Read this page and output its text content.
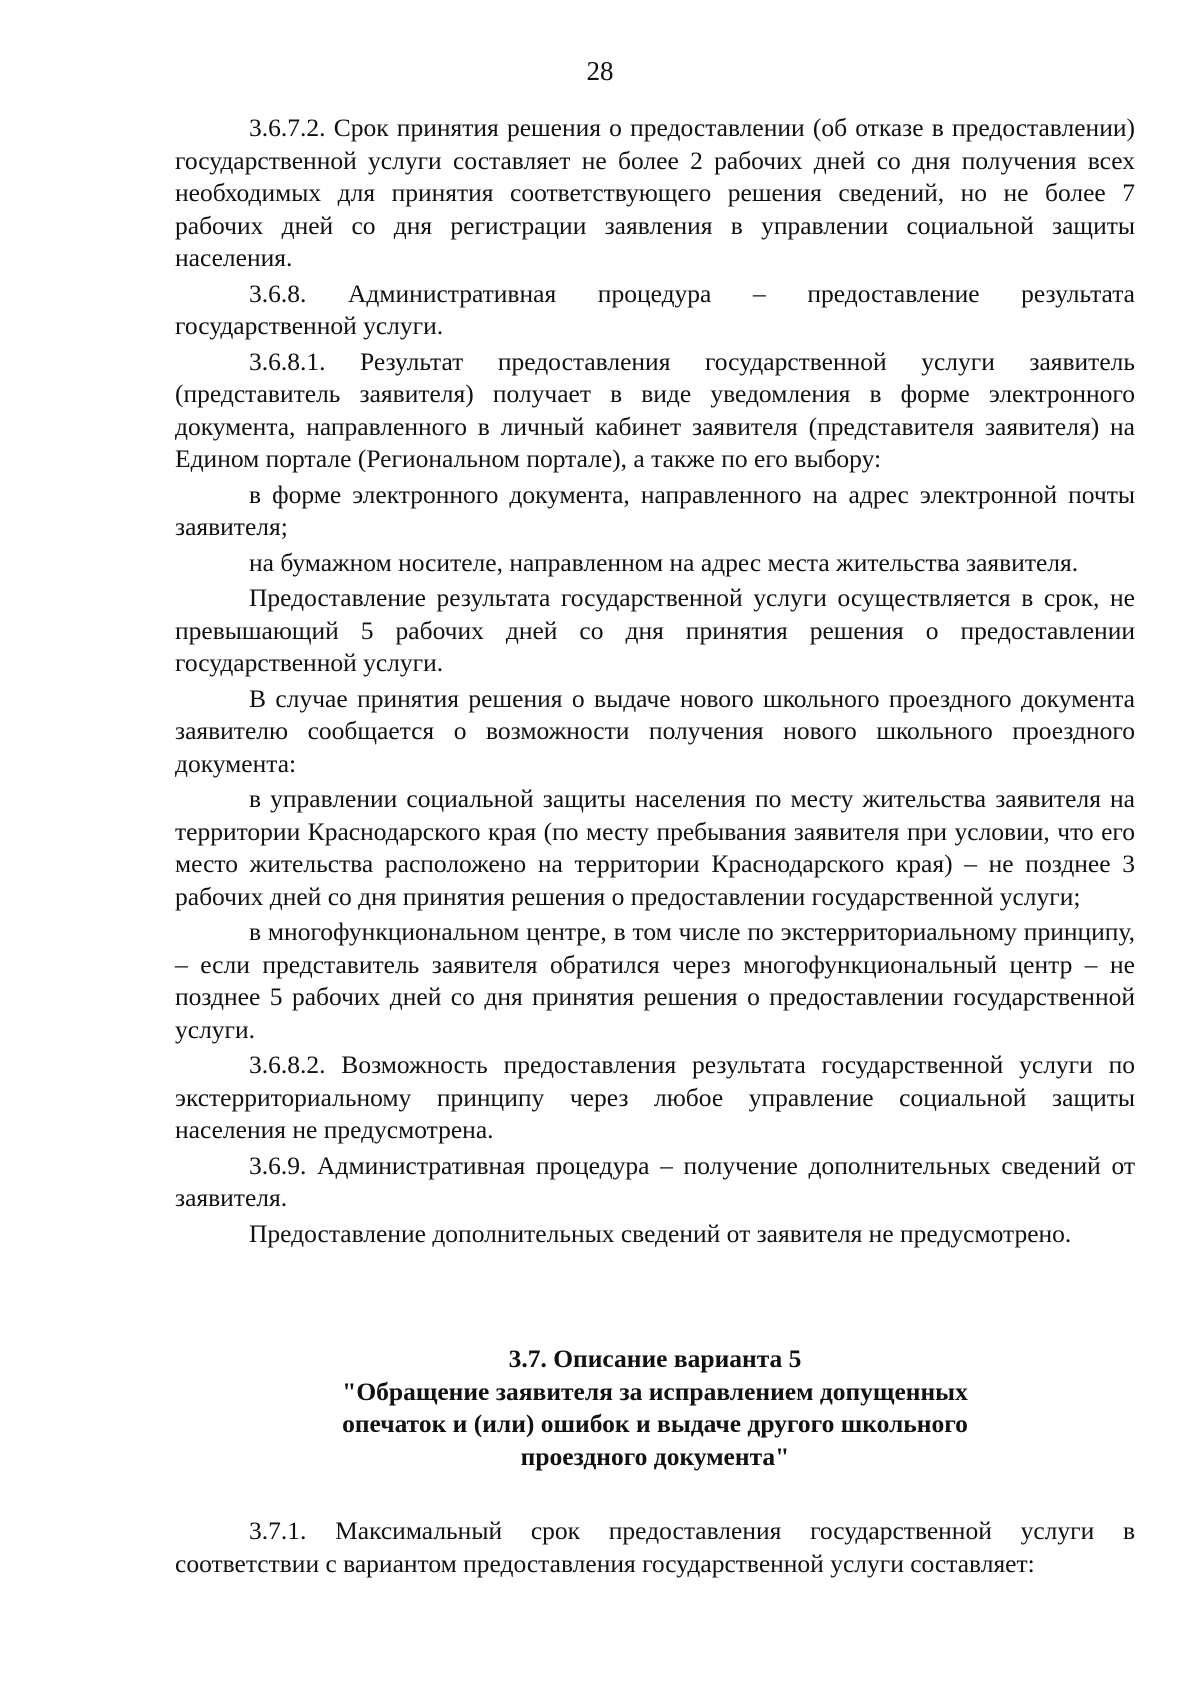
28

3.6.7.2. Срок принятия решения о предоставлении (об отказе в предоставлении) государственной услуги составляет не более 2 рабочих дней со дня получения всех необходимых для принятия соответствующего решения сведений, но не более 7 рабочих дней со дня регистрации заявления в управлении социальной защиты населения.

3.6.8. Административная процедура – предоставление результата государственной услуги.

3.6.8.1. Результат предоставления государственной услуги заявитель (представитель заявителя) получает в виде уведомления в форме электронного документа, направленного в личный кабинет заявителя (представителя заявителя) на Едином портале (Региональном портале), а также по его выбору:

в форме электронного документа, направленного на адрес электронной почты заявителя;

на бумажном носителе, направленном на адрес места жительства заявителя.

Предоставление результата государственной услуги осуществляется в срок, не превышающий 5 рабочих дней со дня принятия решения о предоставлении государственной услуги.

В случае принятия решения о выдаче нового школьного проездного документа заявителю сообщается о возможности получения нового школьного проездного документа:

в управлении социальной защиты населения по месту жительства заявителя на территории Краснодарского края (по месту пребывания заявителя при условии, что его место жительства расположено на территории Краснодарского края) – не позднее 3 рабочих дней со дня принятия решения о предоставлении государственной услуги;

в многофункциональном центре, в том числе по экстерриториальному принципу, – если представитель заявителя обратился через многофункциональный центр – не позднее 5 рабочих дней со дня принятия решения о предоставлении государственной услуги.

3.6.8.2. Возможность предоставления результата государственной услуги по экстерриториальному принципу через любое управление социальной защиты населения не предусмотрена.

3.6.9. Административная процедура – получение дополнительных сведений от заявителя.

Предоставление дополнительных сведений от заявителя не предусмотрено.

3.7. Описание варианта 5
"Обращение заявителя за исправлением допущенных
опечаток и (или) ошибок и выдаче другого школьного
проездного документа"

3.7.1. Максимальный срок предоставления государственной услуги в соответствии с вариантом предоставления государственной услуги составляет:
